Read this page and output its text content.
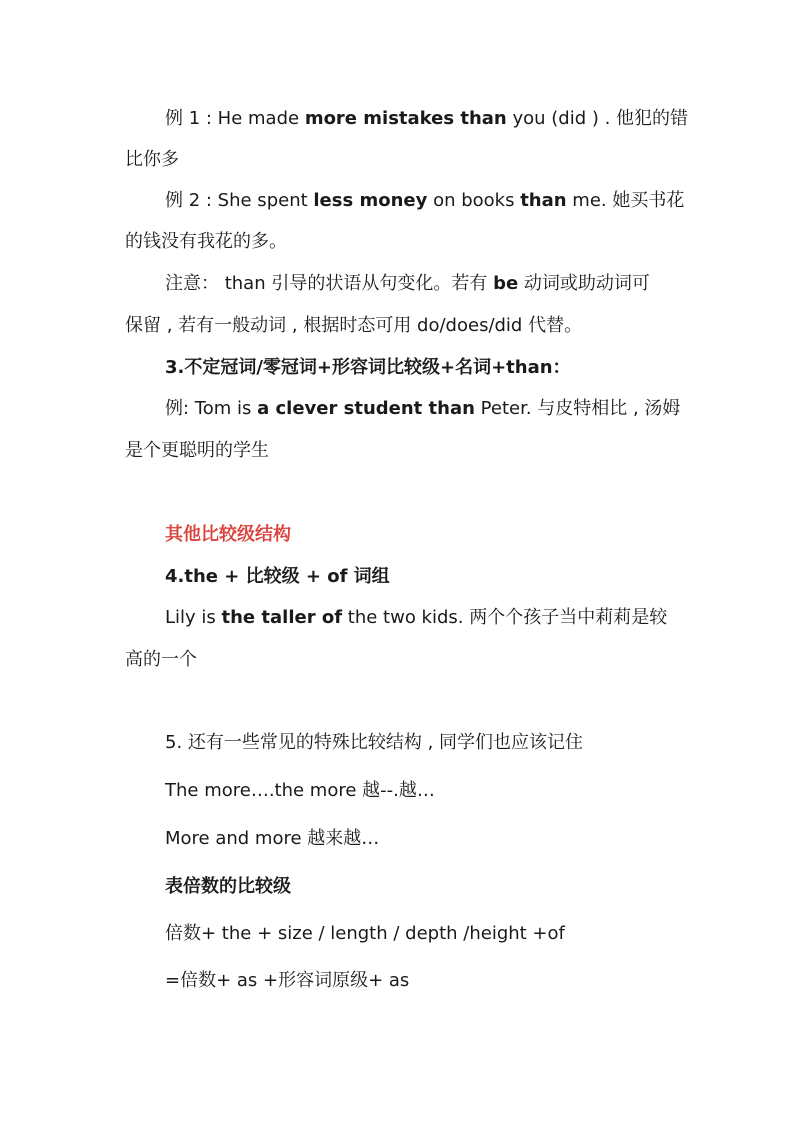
例 1 : He made more mistakes than you (did ) . 他犯的错
比你多
例 2 : She spent less money on books than me. 她买书花
的钱没有我花的多。
注意： than 引导的状语从句变化。若有 be 动词或助动词可
保留 , 若有一般动词 , 根据时态可用 do/does/did 代替。
3.不定冠词/零冠词+形容词比较级+名词+than：
例: Tom is a clever student than Peter. 与皮特相比 , 汤姆
是个更聪明的学生
其他比较级结构
4.the + 比较级 + of 词组
Lily is the taller of the two kids. 两个个孩子当中莉莉是较
高的一个
5. 还有一些常见的特殊比较结构 , 同学们也应该记住
The more….the more 越--.越…
More and more 越来越…
表倍数的比较级
倍数+ the + size / length / depth /height +of
=倍数+ as +形容词原级+ as
